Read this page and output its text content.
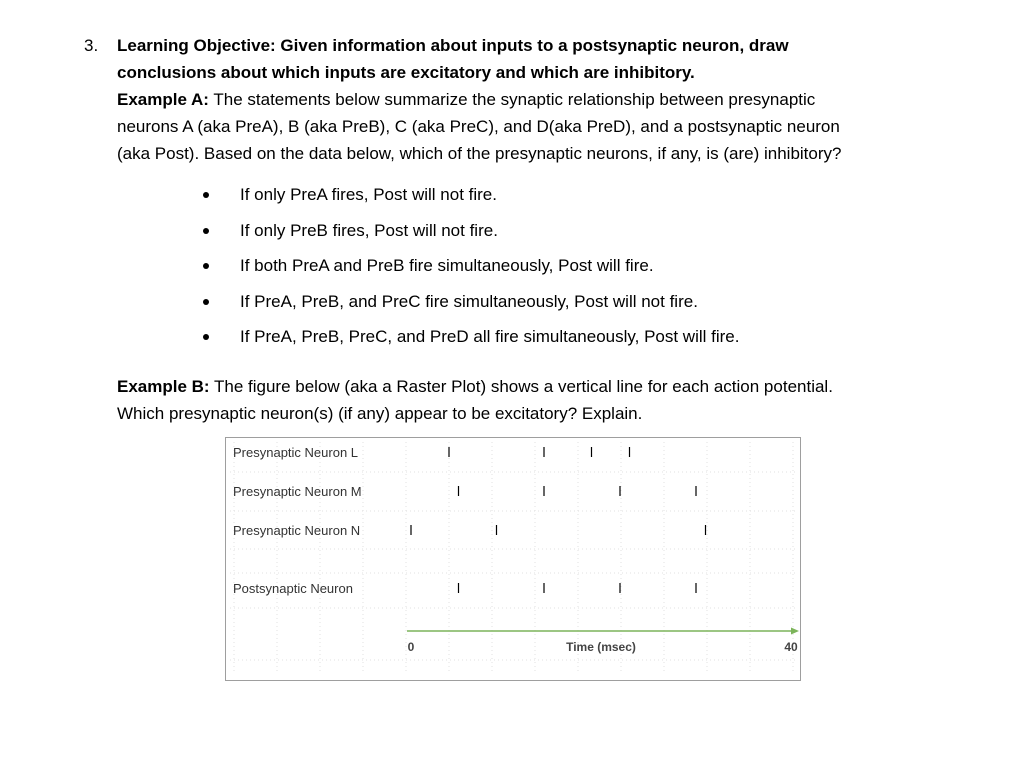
3. Learning Objective: Given information about inputs to a postsynaptic neuron, draw
conclusions about which inputs are excitatory and which are inhibitory.
Example A: The statements below summarize the synaptic relationship between presynaptic
neurons A (aka PreA), B (aka PreB), C (aka PreC), and D(aka PreD), and a postsynaptic neuron
(aka Post). Based on the data below, which of the presynaptic neurons, if any, is (are) inhibitory?
If only PreA fires, Post will not fire.
If only PreB fires, Post will not fire.
If both PreA and PreB fire simultaneously, Post will fire.
If PreA, PreB, and PreC fire simultaneously, Post will not fire.
If PreA, PreB, PreC, and PreD all fire simultaneously, Post will fire.
Example B: The figure below (aka a Raster Plot) shows a vertical line for each action potential.
Which presynaptic neuron(s) (if any) appear to be excitatory? Explain.
Presynaptic Neuron L
Presynaptic Neuron M
Presynaptic Neuron N
Postsynaptic Neuron
0	40
Time (msec)
